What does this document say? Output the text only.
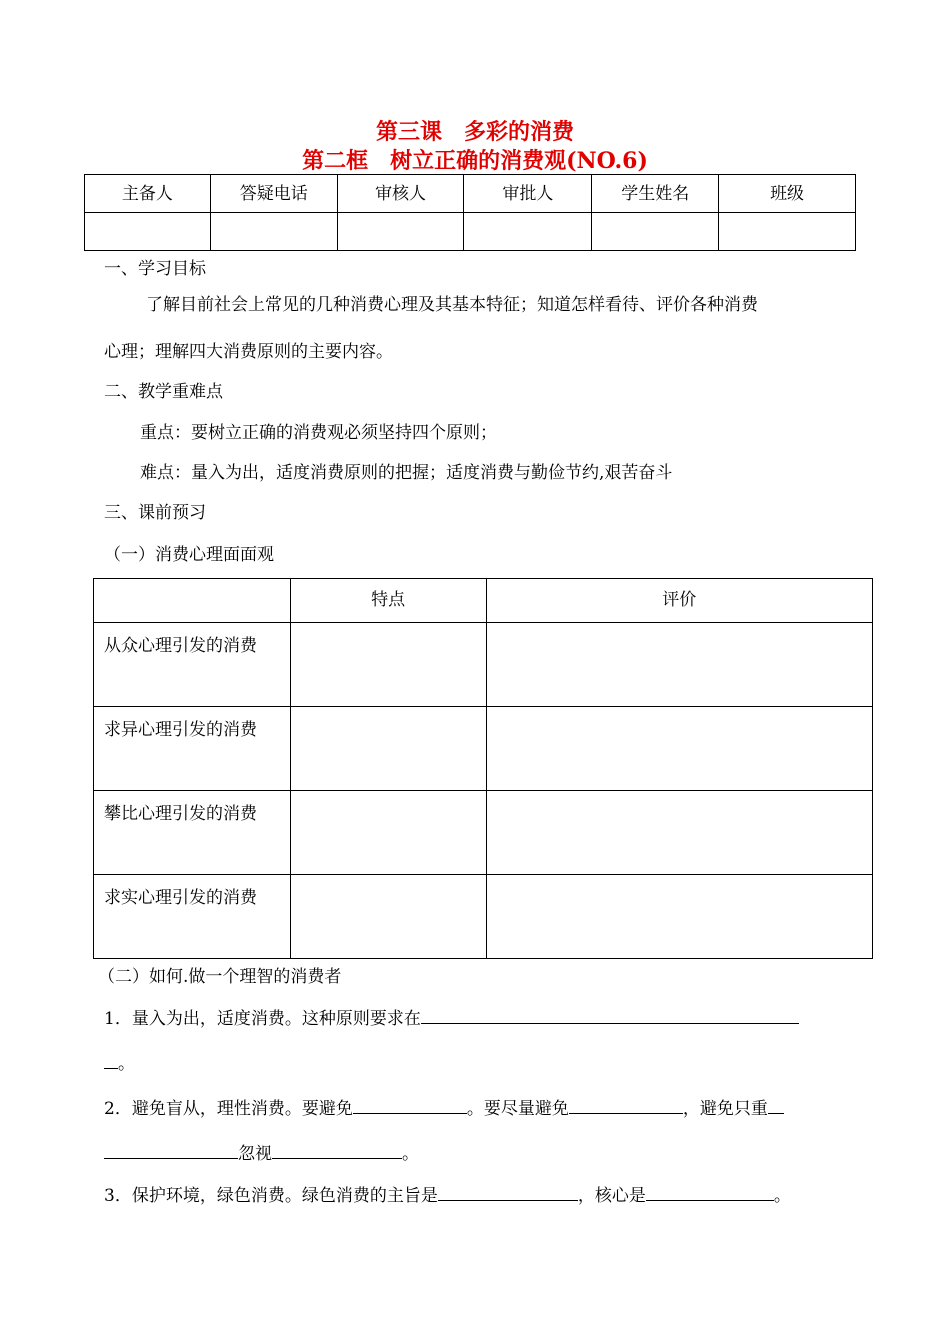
第三课　多彩的消费
第二框　树立正确的消费观(NO.6)
主备人	答疑电话	审核人	审批人	学生姓名	班级

一、学习目标
了解目前社会上常见的几种消费心理及其基本特征；知道怎样看待、评价各种消费
心理；理解四大消费原则的主要内容。
二、教学重难点
重点：要树立正确的消费观必须坚持四个原则；
难点：量入为出，适度消费原则的把握；适度消费与勤俭节约,艰苦奋斗
三、课前预习
（一）消费心理面面观
	特点	评价
从众心理引发的消费		
求异心理引发的消费		
攀比心理引发的消费		
求实心理引发的消费		
（二）如何.做一个理智的消费者
1．量入为出，适度消费。这种原则要求在
。
2．避免盲从，理性消费。要避免	。要尽量避免	，避免只重
忽视	。
3．保护环境，绿色消费。绿色消费的主旨是	，核心是	。
